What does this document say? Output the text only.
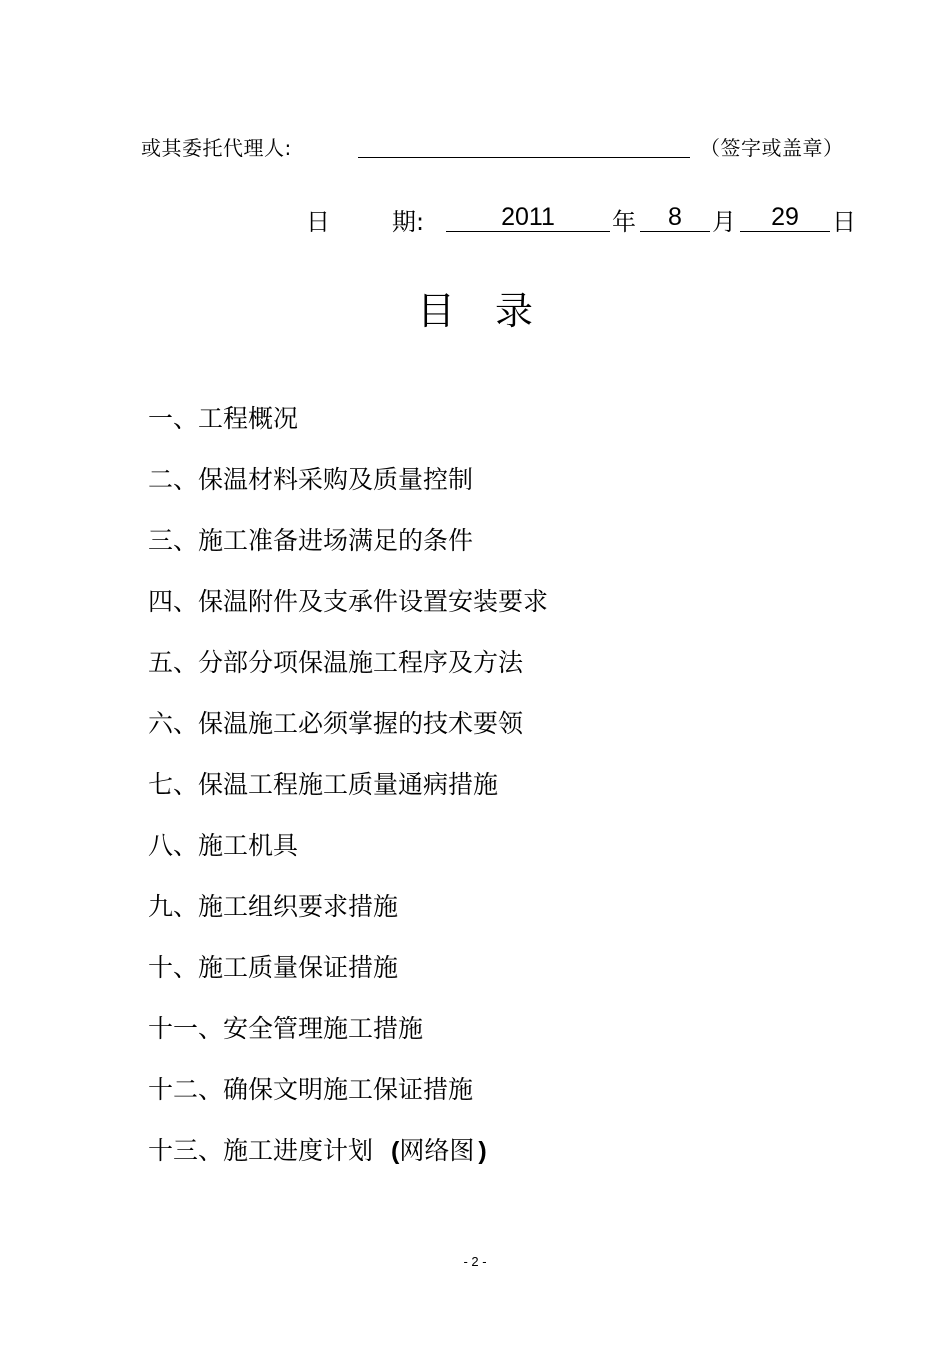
或其委托代理人:	（签字或盖章）
日	期:	2011	年	8	月	29	日
目录
一、工程概况
二、保温材料采购及质量控制
三、施工准备进场满足的条件
四、保温附件及支承件设置安装要求
五、分部分项保温施工程序及方法
六、保温施工必须掌握的技术要领
七、保温工程施工质量通病措施
八、施工机具
九、施工组织要求措施
十、施工质量保证措施
十一、安全管理施工措施
十二、确保文明施工保证措施
十三、施工进度计划 (网络图 )
- 2 -
